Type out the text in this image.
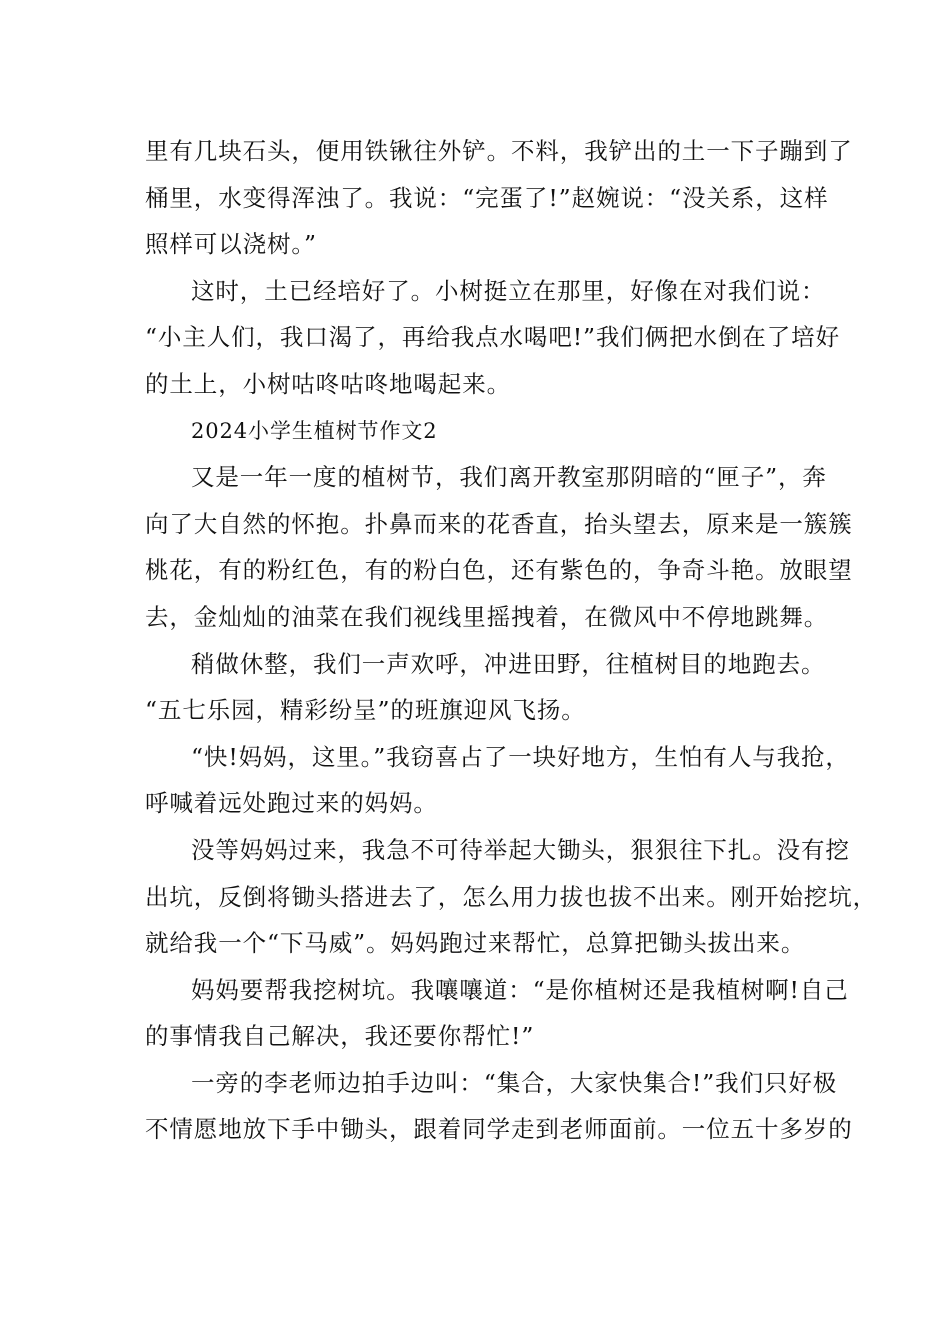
里有几块石头，便用铁锹往外铲。不料，我铲出的土一下子蹦到了
桶里，水变得浑浊了。我说：“完蛋了!”赵婉说：“没关系，这样
照样可以浇树。”
这时，土已经培好了。小树挺立在那里，好像在对我们说：
“小主人们，我口渴了，再给我点水喝吧!”我们俩把水倒在了培好
的土上，小树咕咚咕咚地喝起来。
2024小学生植树节作文2
又是一年一度的植树节，我们离开教室那阴暗的“匣子”，奔
向了大自然的怀抱。扑鼻而来的花香直，抬头望去，原来是一簇簇
桃花，有的粉红色，有的粉白色，还有紫色的，争奇斗艳。放眼望
去，金灿灿的油菜在我们视线里摇拽着，在微风中不停地跳舞。
稍做休整，我们一声欢呼，冲进田野，往植树目的地跑去。
“五七乐园，精彩纷呈”的班旗迎风飞扬。
“快!妈妈，这里。”我窃喜占了一块好地方，生怕有人与我抢，
呼喊着远处跑过来的妈妈。
没等妈妈过来，我急不可待举起大锄头，狠狠往下扎。没有挖
出坑，反倒将锄头搭进去了，怎么用力拔也拔不出来。刚开始挖坑，
就给我一个“下马威”。妈妈跑过来帮忙，总算把锄头拔出来。
妈妈要帮我挖树坑。我嚷嚷道：“是你植树还是我植树啊!自己
的事情我自己解决，我还要你帮忙!”
一旁的李老师边拍手边叫：“集合，大家快集合!”我们只好极
不情愿地放下手中锄头，跟着同学走到老师面前。一位五十多岁的
